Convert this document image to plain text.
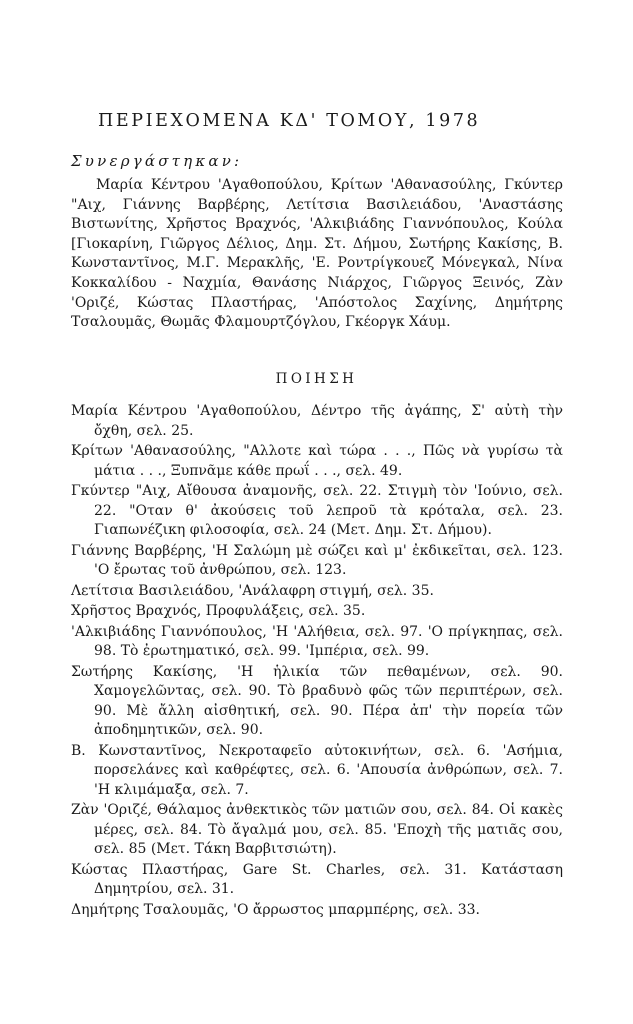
ΠΕΡΙΕΧΟΜΕΝΑ ΚΔ' ΤΟΜΟΥ, 1978
Συνεργάστηκαν:
Μαρία Κέντρου 'Αγαθοπούλου, Κρίτων 'Αθανασούλης, Γκύντερ "Αιχ, Γιάννης Βαρβέρης, Λετίτσια Βασιλειάδου, 'Αναστάσης Βιστωνίτης, Χρῆστος Βραχνός, 'Αλκιβιάδης Γιαννόπουλος, Κούλα [Γιοκαρίνη, Γιῶργος Δέλιος, Δημ. Στ. Δήμου, Σωτήρης Κακίσης, Β. Κωνσταντῖνος, Μ.Γ. Μερακλῆς, 'Ε. Ροντρίγκουεζ Μόνεγκαλ, Νίνα Κοκκαλίδου - Ναχμία, Θανάσης Νιάρχος, Γιῶργος Ξεινός, Ζὰν 'Οριζέ, Κώστας Πλαστήρας, 'Απόστολος Σαχίνης, Δημήτρης Τσαλουμᾶς, Θωμᾶς Φλαμουρτζόγλου, Γκέοργκ Χάυμ.
ΠΟΙΗΣΗ
Μαρία Κέντρου 'Αγαθοπούλου, Δέντρο τῆς ἀγάπης, Σ' αὐτὴ τὴν ὄχθη, σελ. 25.
Κρίτων 'Αθανασούλης, "Αλλοτε καὶ τώρα . . ., Πῶς νὰ γυρίσω τὰ μάτια . . ., Ξυπνᾶμε κάθε πρωΐ . . ., σελ. 49.
Γκύντερ "Αιχ, Αἴθουσα ἀναμονῆς, σελ. 22. Στιγμὴ τὸν 'Ιούνιο, σελ. 22. "Οταν θ' ἀκούσεις τοῦ λεπροῦ τὰ κρόταλα, σελ. 23. Γιαπωνέζικη φιλοσοφία, σελ. 24 (Μετ. Δημ. Στ. Δήμου).
Γιάννης Βαρβέρης, 'Η Σαλώμη μὲ σώζει καὶ μ' ἐκδικεῖται, σελ. 123. 'Ο ἔρωτας τοῦ ἀνθρώπου, σελ. 123.
Λετίτσια Βασιλειάδου, 'Ανάλαφρη στιγμή, σελ. 35.
Χρῆστος Βραχνός, Προφυλάξεις, σελ. 35.
'Αλκιβιάδης Γιαννόπουλος, 'Η 'Αλήθεια, σελ. 97. 'Ο πρίγκηπας, σελ. 98. Τὸ ἐρωτηματικό, σελ. 99. 'Ιμπέρια, σελ. 99.
Σωτήρης Κακίσης, 'Η ἡλικία τῶν πεθαμένων, σελ. 90. Χαμογελῶντας, σελ. 90. Τὸ βραδυνὸ φῶς τῶν περιπτέρων, σελ. 90. Μὲ ἄλλη αἰσθητική, σελ. 90. Πέρα ἀπ' τὴν πορεία τῶν ἀποδημητικῶν, σελ. 90.
Β. Κωνσταντῖνος, Νεκροταφεῖο αὐτοκινήτων, σελ. 6. 'Ασήμια, πορσελάνες καὶ καθρέφτες, σελ. 6. 'Απουσία ἀνθρώπων, σελ. 7. 'Η κλιμάμαξα, σελ. 7.
Ζὰν 'Οριζέ, Θάλαμος ἀνθεκτικὸς τῶν ματιῶν σου, σελ. 84. Οἱ κακὲς μέρες, σελ. 84. Τὸ ἄγαλμά μου, σελ. 85. 'Εποχὴ τῆς ματιᾶς σου, σελ. 85 (Μετ. Τάκη Βαρβιτσιώτη).
Κώστας Πλαστήρας, Gare St. Charles, σελ. 31. Κατάσταση Δημητρίου, σελ. 31.
Δημήτρης Τσαλουμᾶς, 'Ο ἄρρωστος μπαρμπέρης, σελ. 33.
